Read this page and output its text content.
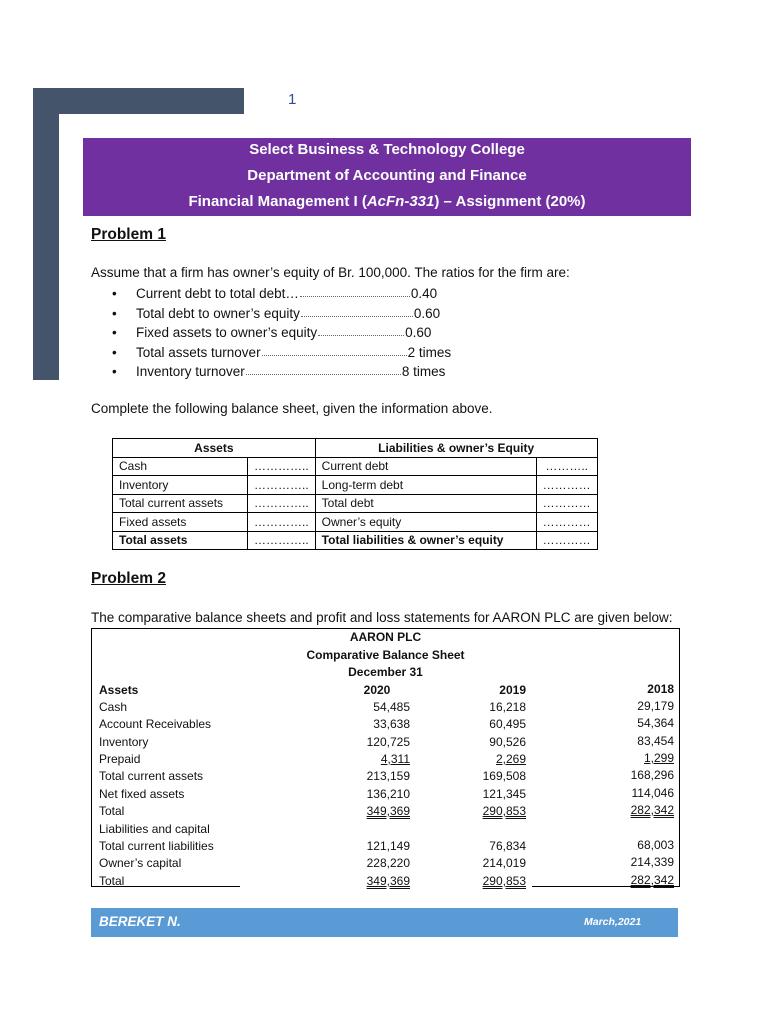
1
Select Business & Technology College
Department of Accounting and Finance
Financial Management I (AcFn-331) – Assignment (20%)
Problem 1
Assume that a firm has owner’s equity of Br. 100,000. The ratios for the firm are:
•	Current debt to total debt…	0.40
•	Total debt to owner’s equity	0.60
•	Fixed assets to owner’s equity	0.60
•	Total assets turnover	2 times
•	Inventory turnover	8 times
Complete the following balance sheet, given the information above.
Assets		Liabilities & owner’s Equity	
Cash	…………..	Current debt	………..
Inventory	…………..	Long-term debt	…………
Total current assets	…………..	Total debt	…………
Fixed assets	…………..	Owner’s equity	…………
Total assets	…………..	Total liabilities & owner’s equity	…………
Problem 2
The comparative balance sheets and profit and loss statements for AARON PLC are given below:
AARON PLC
Comparative Balance Sheet
December 31
Assets	2020	2019	2018
Cash	54,485	16,218	29,179
Account Receivables	33,638	60,495	54,364
Inventory	120,725	90,526	83,454
Prepaid	4,311	2,269	1,299
Total current assets	213,159	169,508	168,296
Net fixed assets	136,210	121,345	114,046
Total	349,369	290,853	282,342
Liabilities and capital
Total current liabilities	121,149	76,834	68,003
Owner’s capital	228,220	214,019	214,339
Total	349,369	290,853	282,342
BEREKET N.	March,2021
